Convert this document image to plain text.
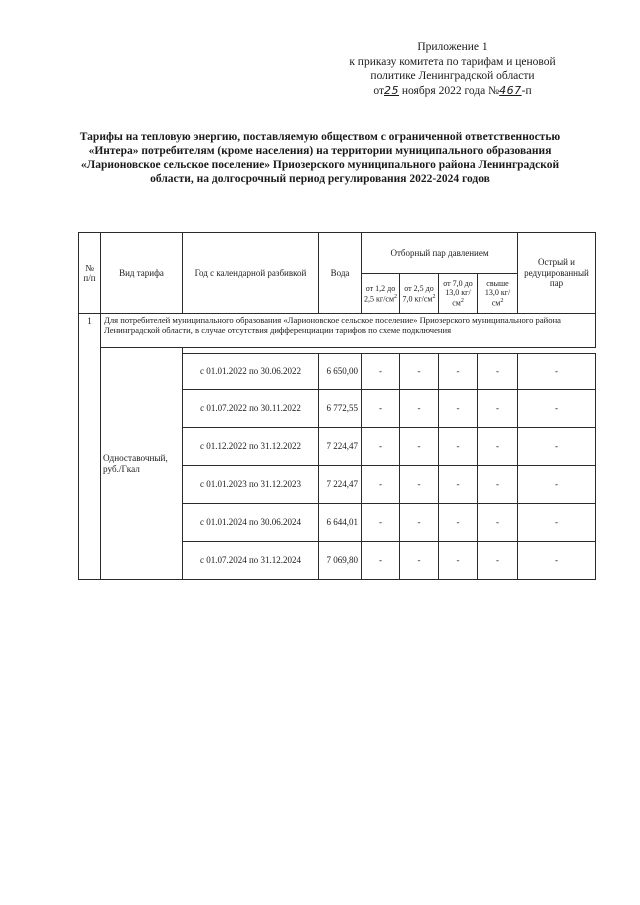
Приложение 1
к приказу комитета по тарифам и ценовой
политике Ленинградской области
от25 ноября 2022 года №467-п
Тарифы на тепловую энергию, поставляемую обществом с ограниченной ответственностью «Интера» потребителям (кроме населения) на территории муниципального образования «Ларионовское сельское поселение» Приозерского муниципального района Ленинградской области, на долгосрочный период регулирования 2022-2024 годов
№ п/п	Вид тарифа	Год с календарной разбивкой	Вода	Отборный пар давлением				Острый и редуцированный пар
				от 1,2 до 2,5 $кг/см^2$	от 2,5 до 7,0 $кг/см^2$	от 7,0 до 13,0 $кг/см^2$	свыше 13,0 $кг/см^2$
1	Для потребителей муниципального образования «Ларионовское сельское поселение» Приозерского муниципального района Ленинградской области, в случае отсутствия дифференциации тарифов по схеме подключения							
	Одноставочный, руб./Гкал							
		с 01.01.2022 по 30.06.2022	6 650,00	-	-	-	-	-
		с 01.07.2022 по 30.11.2022	6 772,55	-	-	-	-	-
		с 01.12.2022 по 31.12.2022	7 224,47	-	-	-	-	-
		с 01.01.2023 по 31.12.2023	7 224,47	-	-	-	-	-
		с 01.01.2024 по 30.06.2024	6 644,01	-	-	-	-	-
		с 01.07.2024 по 31.12.2024	7 069,80	-	-	-	-	-
